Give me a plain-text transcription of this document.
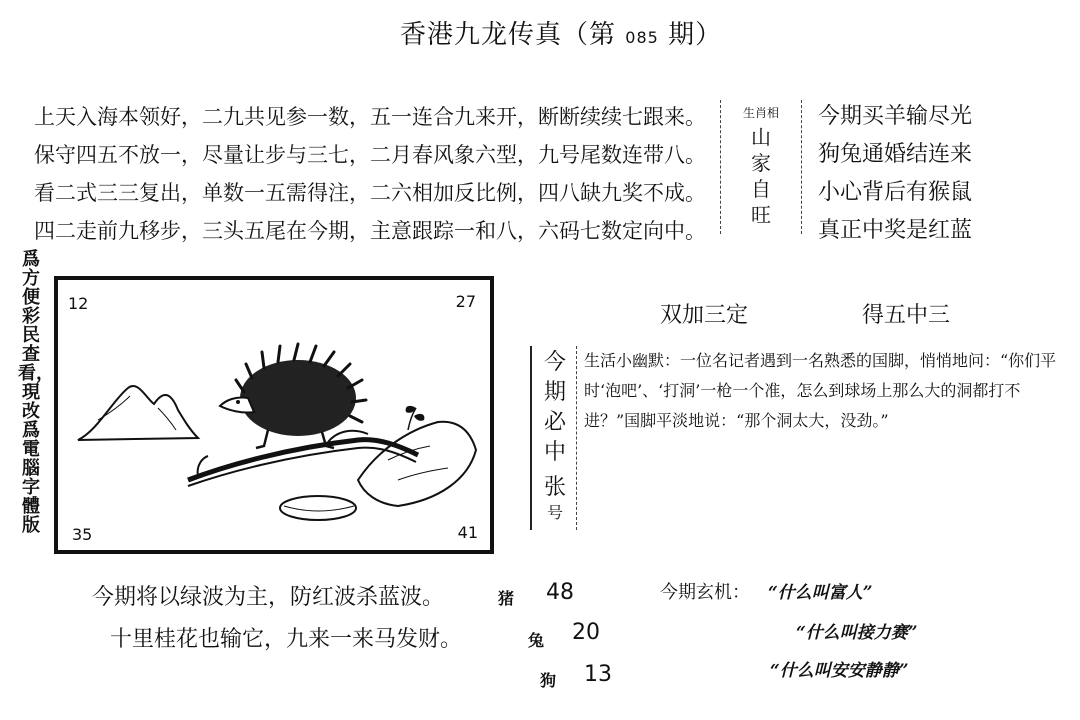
香港九龙传真（第 085 期）
上天入海本领好，二九共见参一数，五一连合九来开，断断续续七跟来。
保守四五不放一，尽量让步与三七，二月春风象六型，九号尾数连带八。
看二式三三复出，单数一五需得注，二六相加反比例，四八缺九奖不成。
四二走前九移步，三头五尾在今期，主意跟踪一和八，六码七数定向中。
生肖相
山
家
自
旺
今期买羊输尽光
狗兔通婚结连来
小心背后有猴鼠
真正中奖是红蓝
爲方便彩民查看，現改爲電腦字體版
12	27
35	41
双加三定	得五中三
今
期
必
中
张
号
生活小幽默：一位名记者遇到一名熟悉的国脚，悄悄地问：“你们平时‘泡吧’、‘打洞’一枪一个准，怎么到球场上那么大的洞都打不进？”国脚平淡地说：“那个洞太大，没劲。”
今期将以绿波为主，防红波杀蓝波。
十里桂花也输它，九来一来马发财。
猪 48
兔 20
狗 13
今期玄机： “什么叫富人”
“什么叫接力赛”
“什么叫安安静静”
